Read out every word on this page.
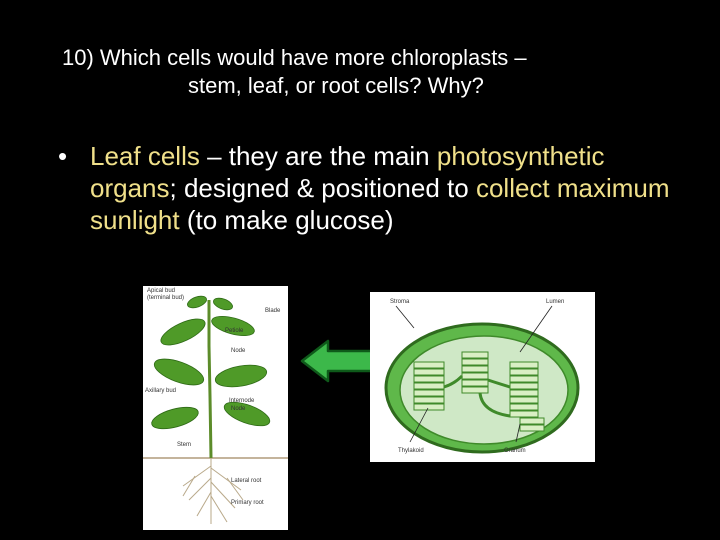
10) Which cells would have more chloroplasts –

stem, leaf, or root cells? Why?
• Leaf cells – they are the main photosynthetic organs; designed & positioned to collect maximum sunlight (to make glucose)
Apical bud
(terminal bud)
Blade
Petiole
Node
Axillary bud
Internode
Node
Stem
Lateral root
Primary root
Stroma	Lumen
Thylakoid	Granum
